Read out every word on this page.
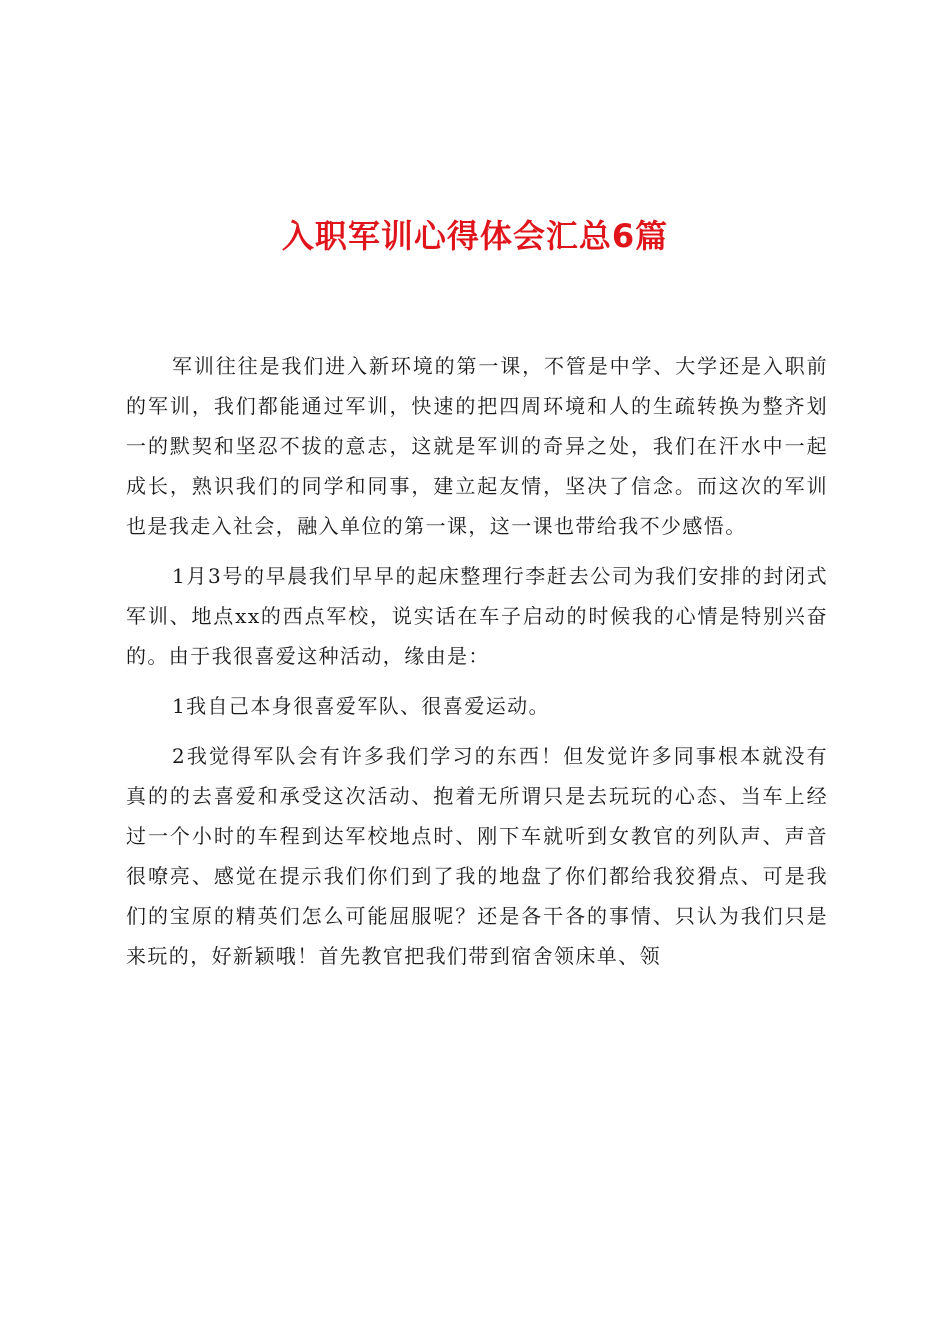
入职军训心得体会汇总6篇

军训往往是我们进入新环境的第一课，不管是中学、大学还是入职前的军训，我们都能通过军训，快速的把四周环境和人的生疏转换为整齐划一的默契和坚忍不拔的意志，这就是军训的奇异之处，我们在汗水中一起成长，熟识我们的同学和同事，建立起友情，坚决了信念。而这次的军训也是我走入社会，融入单位的第一课，这一课也带给我不少感悟。

1月3号的早晨我们早早的起床整理行李赶去公司为我们安排的封闭式军训、地点xx的西点军校，说实话在车子启动的时候我的心情是特别兴奋的。由于我很喜爱这种活动，缘由是：

1我自己本身很喜爱军队、很喜爱运动。

2我觉得军队会有许多我们学习的东西！但发觉许多同事根本就没有真的的去喜爱和承受这次活动、抱着无所谓只是去玩玩的心态、当车上经过一个小时的车程到达军校地点时、刚下车就听到女教官的列队声、声音很嘹亮、感觉在提示我们你们到了我的地盘了你们都给我狡猾点、可是我们的宝原的精英们怎么可能屈服呢？还是各干各的事情、只认为我们只是来玩的，好新颖哦！首先教官把我们带到宿舍领床单、领
